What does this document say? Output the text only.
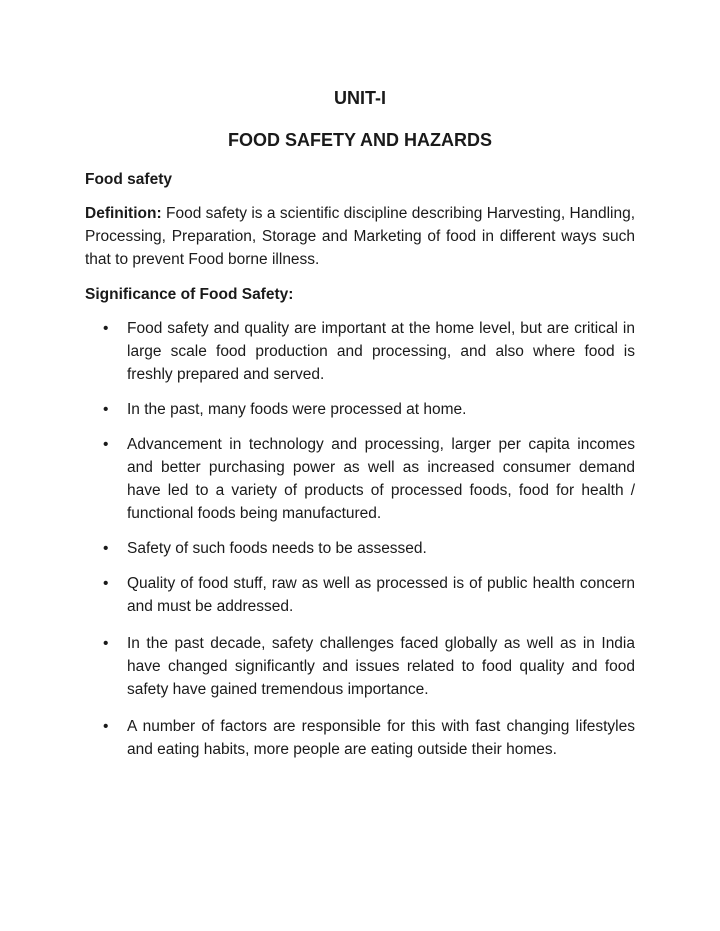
UNIT-I
FOOD SAFETY AND HAZARDS
Food safety

Definition: Food safety is a scientific discipline describing Harvesting, Handling, Processing, Preparation, Storage and Marketing of food in different ways such that to prevent Food borne illness.

Significance of Food Safety:
• Food safety and quality are important at the home level, but are critical in large scale food production and processing, and also where food is freshly prepared and served.
• In the past, many foods were processed at home.
• Advancement in technology and processing, larger per capita incomes and better purchasing power as well as increased consumer demand have led to a variety of products of processed foods, food for health / functional foods being manufactured.
• Safety of such foods needs to be assessed.
• Quality of food stuff, raw as well as processed is of public health concern and must be addressed.
• In the past decade, safety challenges faced globally as well as in India have changed significantly and issues related to food quality and food safety have gained tremendous importance.
• A number of factors are responsible for this with fast changing lifestyles and eating habits, more people are eating outside their homes.
